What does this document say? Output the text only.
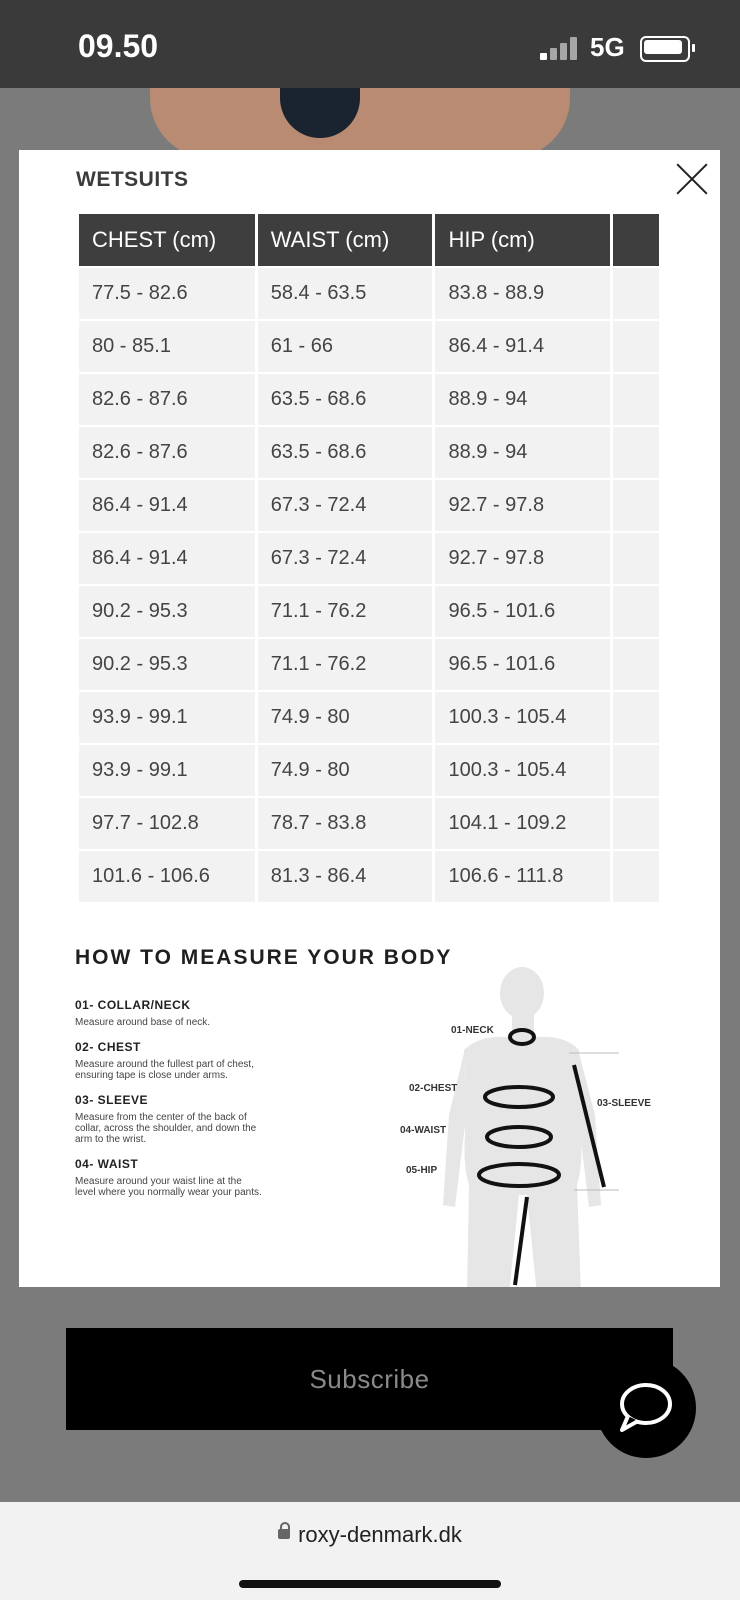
09.50	5G
WETSUITS
	CHEST (cm)	WAIST (cm)	HIP (cm)	
	77.5 - 82.6	58.4 - 63.5	83.8 - 88.9	
	80 - 85.1	61 - 66	86.4 - 91.4	
	82.6 - 87.6	63.5 - 68.6	88.9 - 94	
	82.6 - 87.6	63.5 - 68.6	88.9 - 94	
	86.4 - 91.4	67.3 - 72.4	92.7 - 97.8	
	86.4 - 91.4	67.3 - 72.4	92.7 - 97.8	
	90.2 - 95.3	71.1 - 76.2	96.5 - 101.6	
	90.2 - 95.3	71.1 - 76.2	96.5 - 101.6	
	93.9 - 99.1	74.9 - 80	100.3 - 105.4	
	93.9 - 99.1	74.9 - 80	100.3 - 105.4	
	97.7 - 102.8	78.7 - 83.8	104.1 - 109.2	
	101.6 - 106.6	81.3 - 86.4	106.6 - 111.8	
HOW TO MEASURE YOUR BODY
01- COLLAR/NECK
Measure around base of neck.
02- CHEST
Measure around the fullest part of chest, ensuring tape is close under arms.
03- SLEEVE
Measure from the center of the back of collar, across the shoulder, and down the arm to the wrist.
04- WAIST
Measure around your waist line at the level where you normally wear your pants.
01-NECK
02-CHEST
03-SLEEVE
04-WAIST
05-HIP
Subscribe
roxy-denmark.dk
